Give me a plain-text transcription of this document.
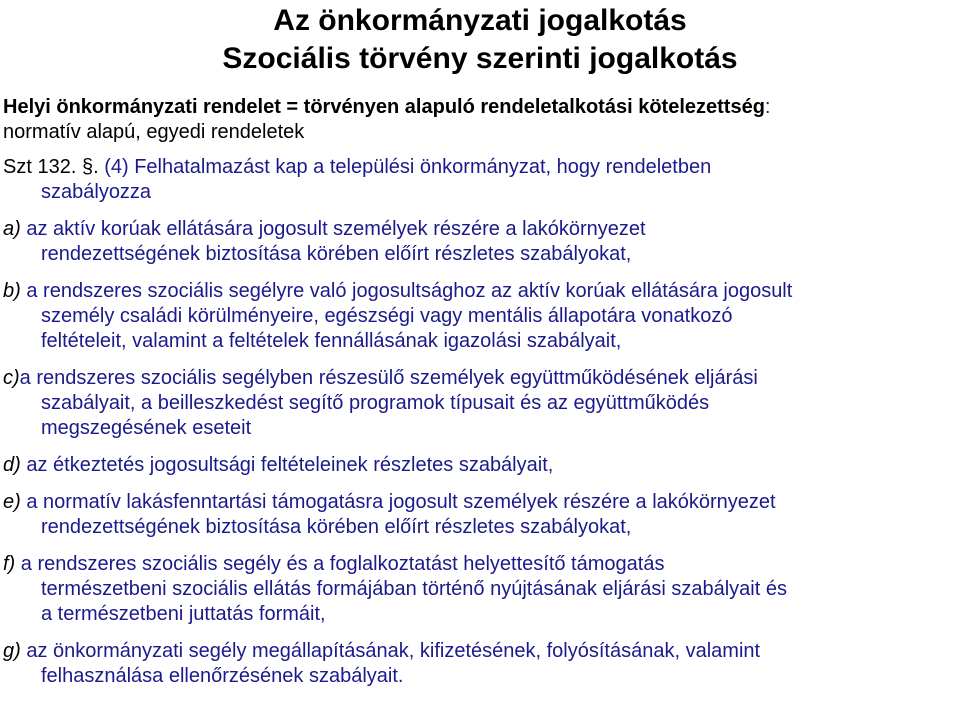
Az önkormányzati jogalkotás
Szociális törvény szerinti jogalkotás

Helyi önkormányzati rendelet = törvényen alapuló rendeletalkotási kötelezettség:

normatív alapú, egyedi rendeletek

Szt 132. §. (4) Felhatalmazást kap a települési önkormányzat, hogy rendeletben

szabályozza

a) az aktív korúak ellátására jogosult személyek részére a lakókörnyezet

rendezettségének biztosítása körében előírt részletes szabályokat,

b) a rendszeres szociális segélyre való jogosultsághoz az aktív korúak ellátására jogosult

személy családi körülményeire, egészségi vagy mentális állapotára vonatkozó

feltételeit, valamint a feltételek fennállásának igazolási szabályait,

c)a rendszeres szociális segélyben részesülő személyek együttműködésének eljárási

szabályait, a beilleszkedést segítő programok típusait és az együttműködés

megszegésének eseteit

d) az étkeztetés jogosultsági feltételeinek részletes szabályait,

e) a normatív lakásfenntartási támogatásra jogosult személyek részére a lakókörnyezet

rendezettségének biztosítása körében előírt részletes szabályokat,

f) a rendszeres szociális segély és a foglalkoztatást helyettesítő támogatás

természetbeni szociális ellátás formájában történő nyújtásának eljárási szabályait és

a természetbeni juttatás formáit,

g) az önkormányzati segély megállapításának, kifizetésének, folyósításának, valamint

felhasználása ellenőrzésének szabályait.
